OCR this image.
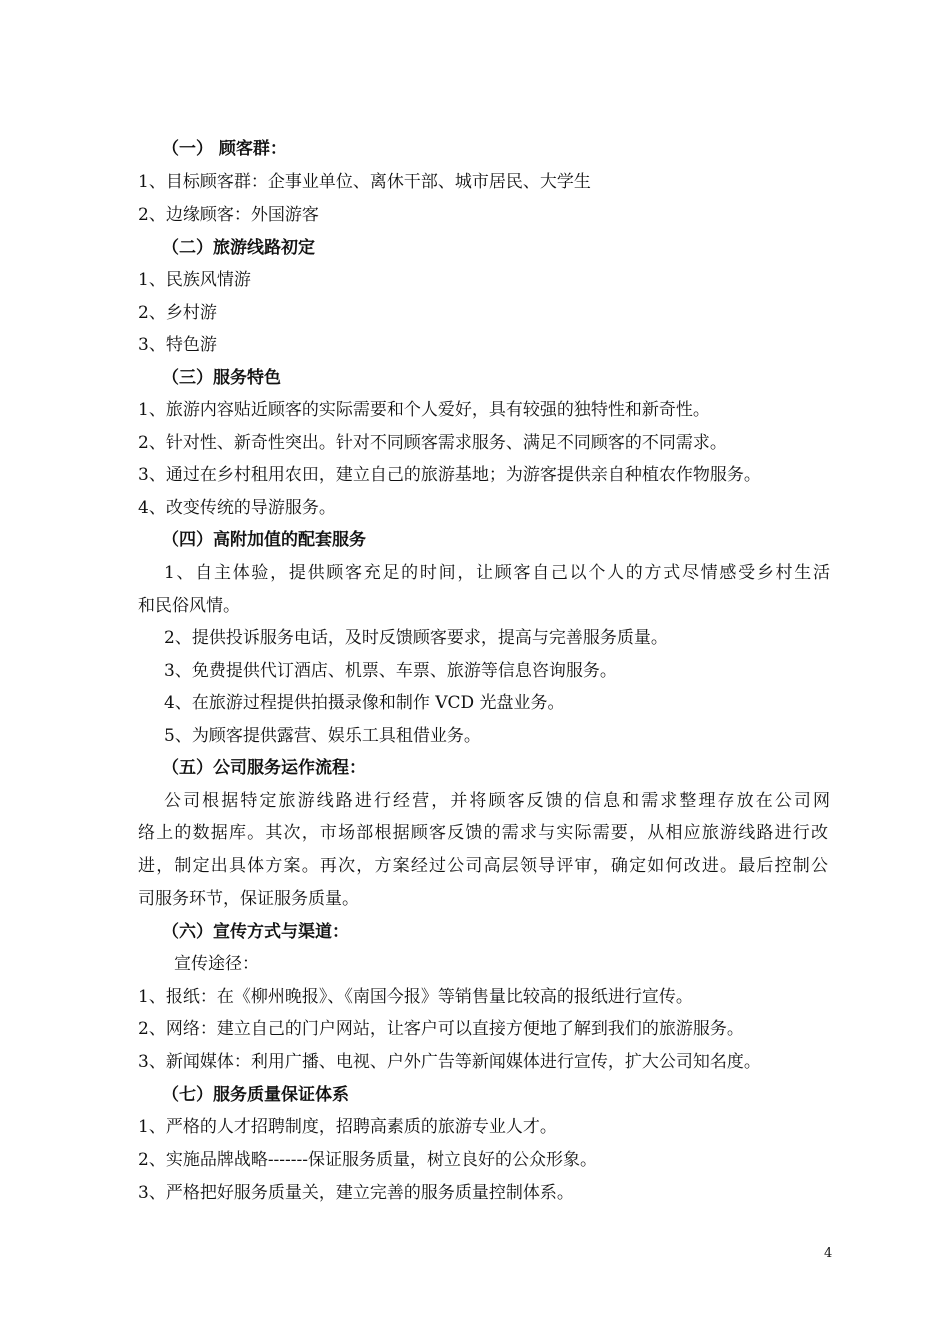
（一） 顾客群：
1、目标顾客群：企事业单位、离休干部、城市居民、大学生
2、边缘顾客：外国游客
（二）旅游线路初定
1、民族风情游
2、乡村游
3、特色游
（三）服务特色
1、旅游内容贴近顾客的实际需要和个人爱好，具有较强的独特性和新奇性。
2、针对性、新奇性突出。针对不同顾客需求服务、满足不同顾客的不同需求。
3、通过在乡村租用农田，建立自己的旅游基地；为游客提供亲自种植农作物服务。
4、改变传统的导游服务。
（四）高附加值的配套服务
1、自主体验，提供顾客充足的时间，让顾客自己以个人的方式尽情感受乡村生活
和民俗风情。
2、提供投诉服务电话，及时反馈顾客要求，提高与完善服务质量。
3、免费提供代订酒店、机票、车票、旅游等信息咨询服务。
4、在旅游过程提供拍摄录像和制作 VCD 光盘业务。
5、为顾客提供露营、娱乐工具租借业务。
（五）公司服务运作流程：
公司根据特定旅游线路进行经营，并将顾客反馈的信息和需求整理存放在公司网
络上的数据库。其次，市场部根据顾客反馈的需求与实际需要，从相应旅游线路进行改
进，制定出具体方案。再次，方案经过公司高层领导评审，确定如何改进。最后控制公
司服务环节，保证服务质量。
（六）宣传方式与渠道：
宣传途径：
1、报纸：在《柳州晚报》、《南国今报》等销售量比较高的报纸进行宣传。
2、网络：建立自己的门户网站，让客户可以直接方便地了解到我们的旅游服务。
3、新闻媒体：利用广播、电视、户外广告等新闻媒体进行宣传，扩大公司知名度。
（七）服务质量保证体系
1、严格的人才招聘制度，招聘高素质的旅游专业人才。
2、实施品牌战略-------保证服务质量，树立良好的公众形象。
3、严格把好服务质量关，建立完善的服务质量控制体系。
4
